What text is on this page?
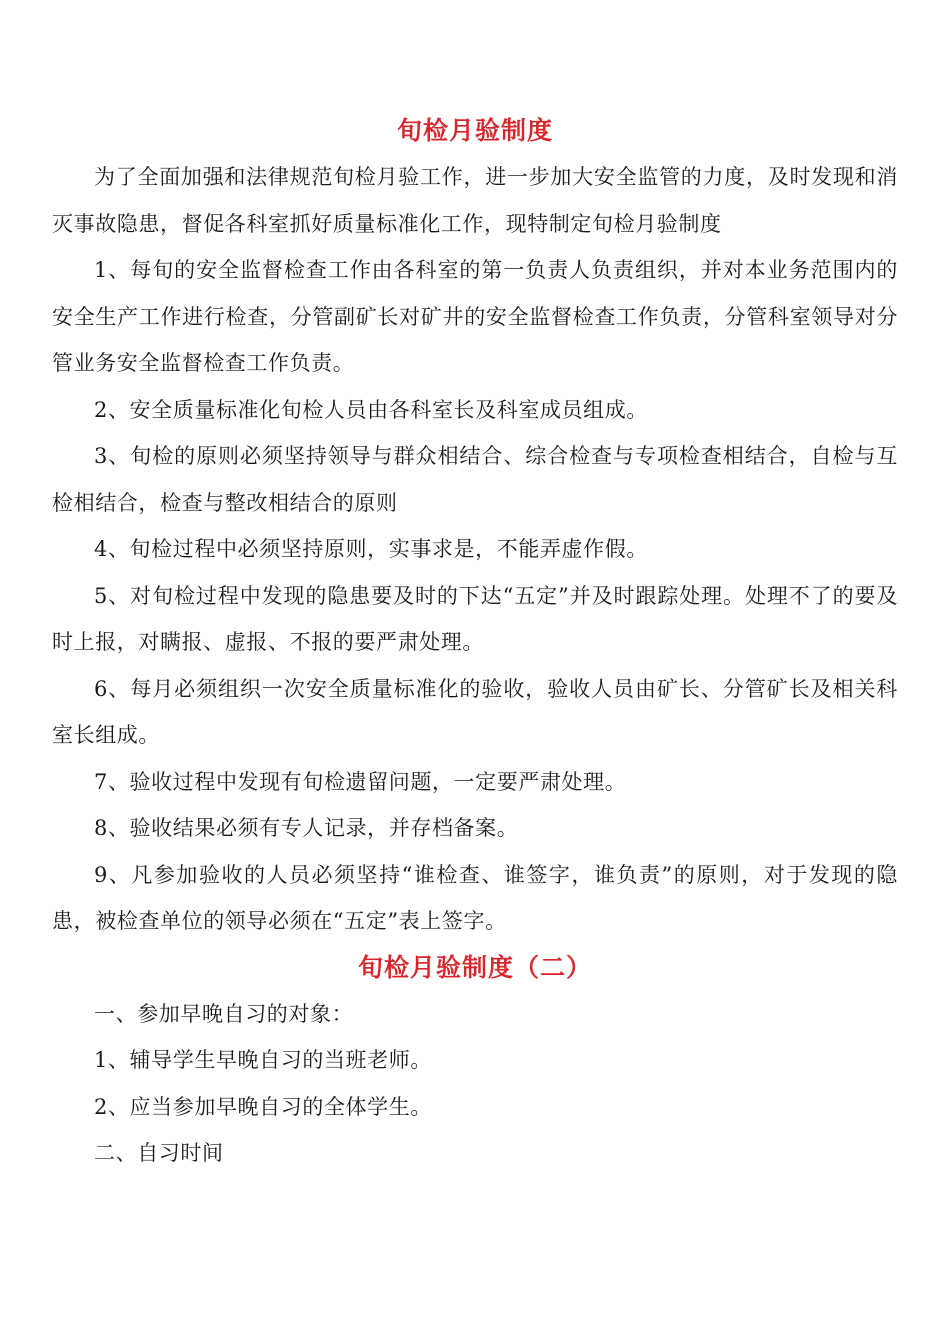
旬检月验制度

为了全面加强和法律规范旬检月验工作，进一步加大安全监管的力度，及时发现和消灭事故隐患，督促各科室抓好质量标准化工作，现特制定旬检月验制度

1、每旬的安全监督检查工作由各科室的第一负责人负责组织，并对本业务范围内的安全生产工作进行检查，分管副矿长对矿井的安全监督检查工作负责，分管科室领导对分管业务安全监督检查工作负责。

2、安全质量标准化旬检人员由各科室长及科室成员组成。

3、旬检的原则必须坚持领导与群众相结合、综合检查与专项检查相结合，自检与互检相结合，检查与整改相结合的原则

4、旬检过程中必须坚持原则，实事求是，不能弄虚作假。

5、对旬检过程中发现的隐患要及时的下达“五定”并及时跟踪处理。处理不了的要及时上报，对瞒报、虚报、不报的要严肃处理。

6、每月必须组织一次安全质量标准化的验收，验收人员由矿长、分管矿长及相关科室长组成。

7、验收过程中发现有旬检遗留问题，一定要严肃处理。

8、验收结果必须有专人记录，并存档备案。

9、凡参加验收的人员必须坚持“谁检查、谁签字，谁负责”的原则，对于发现的隐患，被检查单位的领导必须在“五定”表上签字。

旬检月验制度（二）

一、参加早晚自习的对象：

1、辅导学生早晚自习的当班老师。

2、应当参加早晚自习的全体学生。

二、自习时间
